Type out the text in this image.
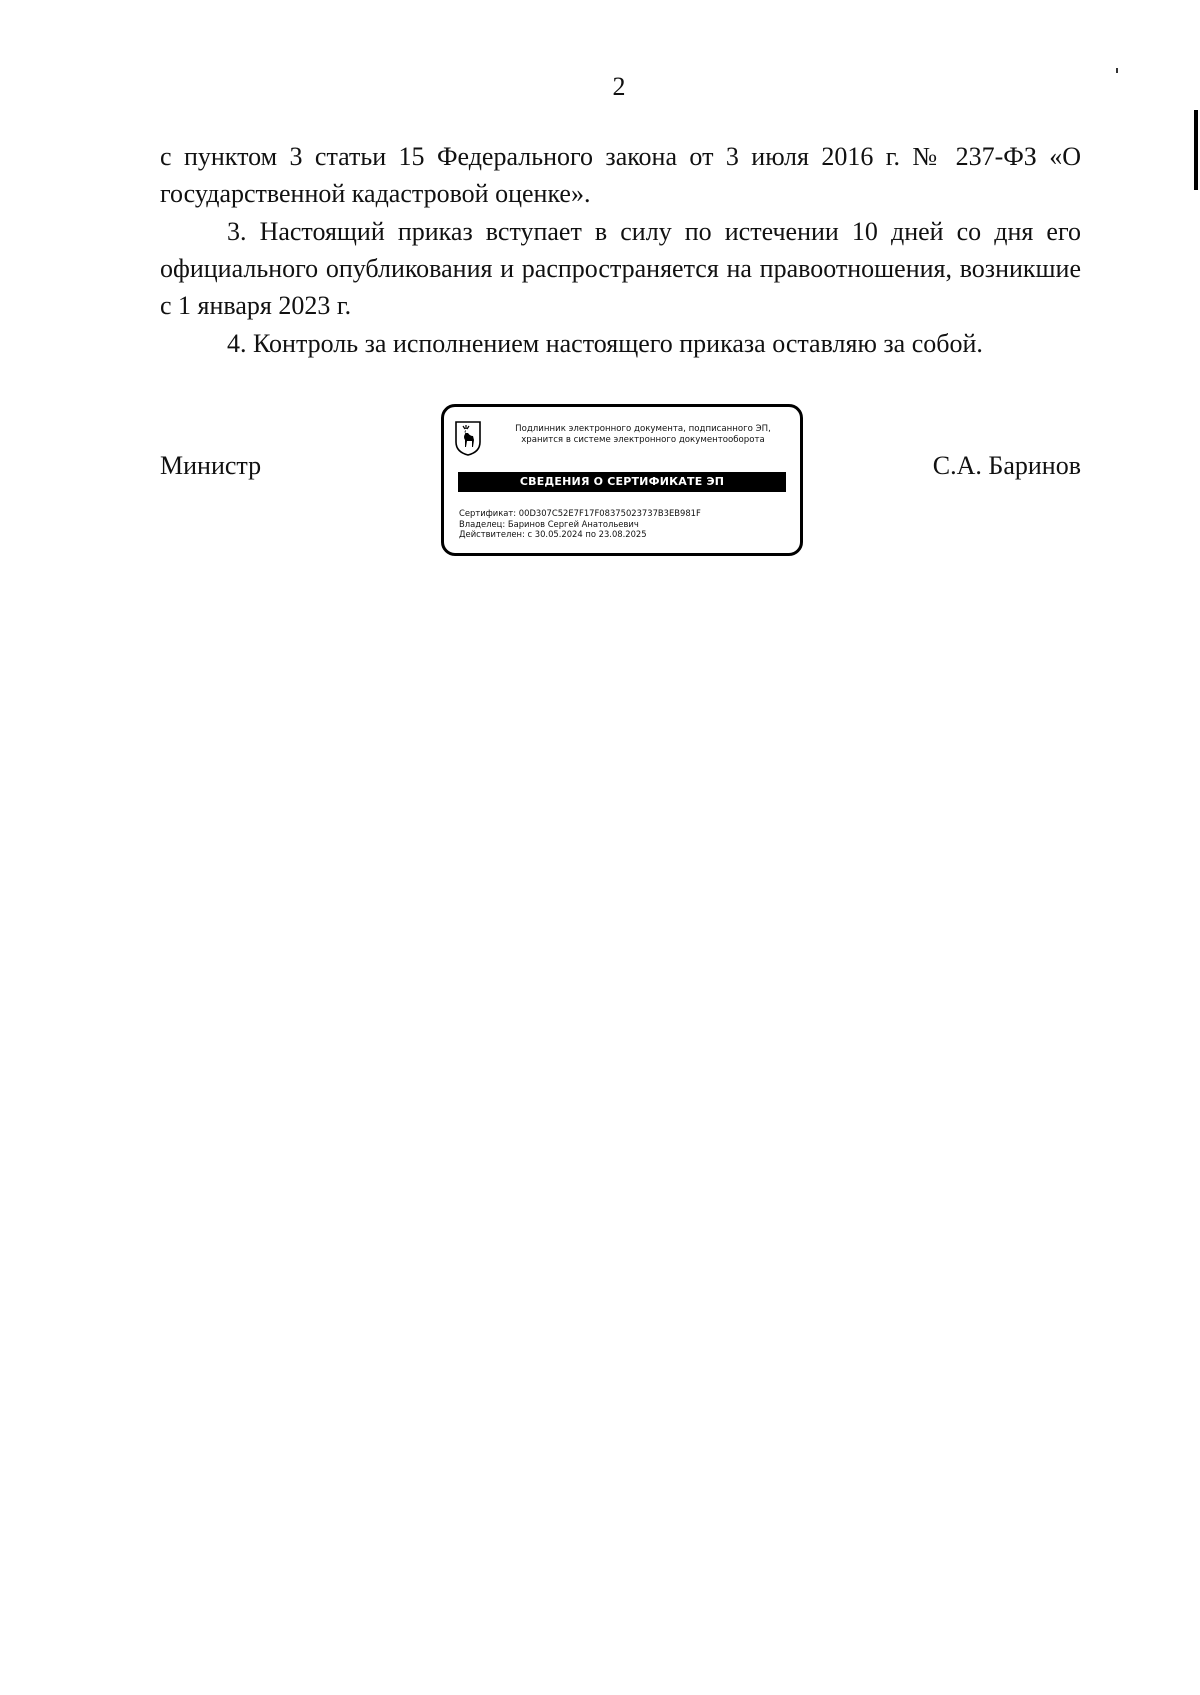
2

с пунктом 3 статьи 15 Федерального закона от 3 июля 2016 г. № 237-ФЗ «О государственной кадастровой оценке».

3. Настоящий приказ вступает в силу по истечении 10 дней со дня его официального опубликования и распространяется на правоотношения, возникшие с 1 января 2023 г.

4. Контроль за исполнением настоящего приказа оставляю за собой.

Министр	С.А. Баринов
Подлинник электронного документа, подписанного ЭП,
хранится в системе электронного документооборота
СВЕДЕНИЯ О СЕРТИФИКАТЕ ЭП
Сертификат: 00D307C52E7F17F08375023737B3EB981F
Владелец: Баринов Сергей Анатольевич
Действителен: с 30.05.2024 по 23.08.2025
